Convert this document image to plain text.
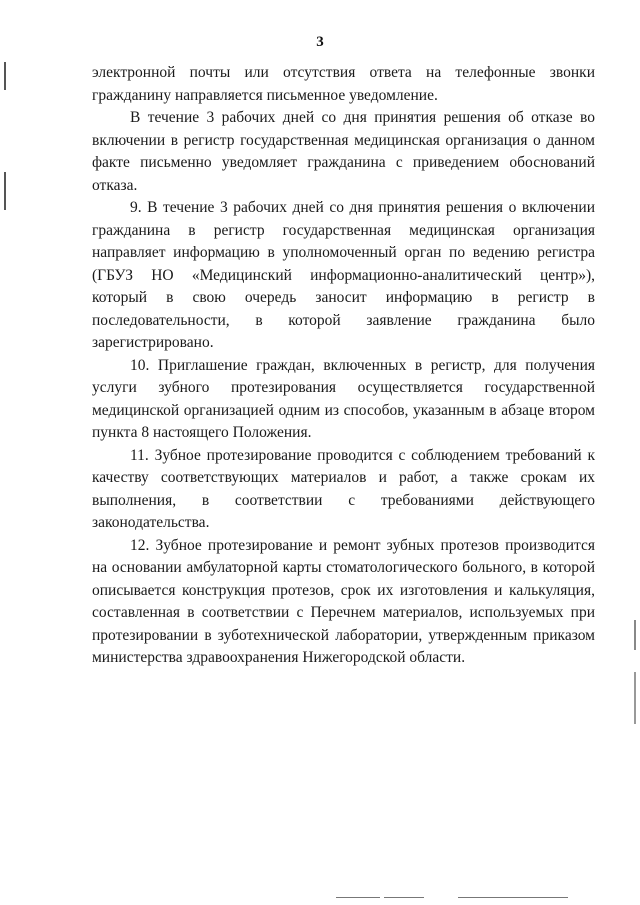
3

электронной почты или отсутствия ответа на телефонные звонки гражданину направляется письменное уведомление.

В течение 3 рабочих дней со дня принятия решения об отказе во включении в регистр государственная медицинская организация о данном факте письменно уведомляет гражданина с приведением обоснований отказа.

9. В течение 3 рабочих дней со дня принятия решения о включении гражданина в регистр государственная медицинская организация направляет информацию в уполномоченный орган по ведению регистра (ГБУЗ НО «Медицинский информационно-аналитический центр»), который в свою очередь заносит информацию в регистр в последовательности, в которой заявление гражданина было зарегистрировано.

10. Приглашение граждан, включенных в регистр, для получения услуги зубного протезирования осуществляется государственной медицинской организацией одним из способов, указанным в абзаце втором пункта 8 настоящего Положения.

11. Зубное протезирование проводится с соблюдением требований к качеству соответствующих материалов и работ, а также срокам их выполнения, в соответствии с требованиями действующего законодательства.

12. Зубное протезирование и ремонт зубных протезов производится на основании амбулаторной карты стоматологического больного, в которой описывается конструкция протезов, срок их изготовления и калькуляция, составленная в соответствии с Перечнем материалов, используемых при протезировании в зуботехнической лаборатории, утвержденным приказом министерства здравоохранения Нижегородской области.
